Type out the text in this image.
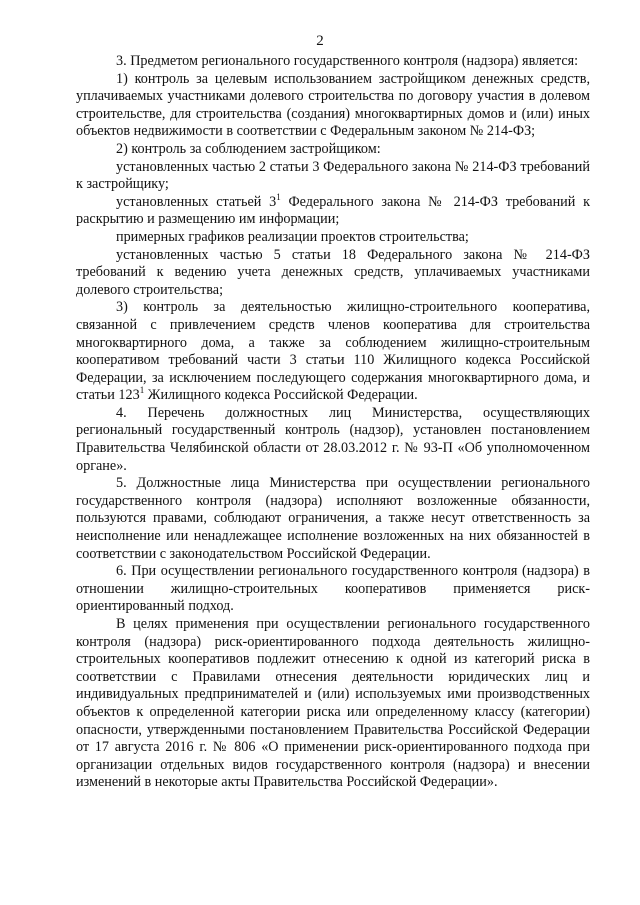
2

3. Предметом регионального государственного контроля (надзора) является:

1) контроль за целевым использованием застройщиком денежных средств, уплачиваемых участниками долевого строительства по договору участия в долевом строительстве, для строительства (создания) многоквартирных домов и (или) иных объектов недвижимости в соответствии с Федеральным законом № 214-ФЗ;

2) контроль за соблюдением застройщиком:

установленных частью 2 статьи 3 Федерального закона № 214-ФЗ требований к застройщику;

установленных статьей $3^1$ Федерального закона № 214-ФЗ требований к раскрытию и размещению им информации;

примерных графиков реализации проектов строительства;

установленных частью 5 статьи 18 Федерального закона № 214-ФЗ требований к ведению учета денежных средств, уплачиваемых участниками долевого строительства;

3) контроль за деятельностью жилищно-строительного кооператива, связанной с привлечением средств членов кооператива для строительства многоквартирного дома, а также за соблюдением жилищно-строительным кооперативом требований части 3 статьи 110 Жилищного кодекса Российской Федерации, за исключением последующего содержания многоквартирного дома, и статьи $123^1$ Жилищного кодекса Российской Федерации.

4. Перечень должностных лиц Министерства, осуществляющих региональный государственный контроль (надзор), установлен постановлением Правительства Челябинской области от 28.03.2012 г. № 93-П «Об уполномоченном органе».

5. Должностные лица Министерства при осуществлении регионального государственного контроля (надзора) исполняют возложенные обязанности, пользуются правами, соблюдают ограничения, а также несут ответственность за неисполнение или ненадлежащее исполнение возложенных на них обязанностей в соответствии с законодательством Российской Федерации.

6. При осуществлении регионального государственного контроля (надзора) в отношении жилищно-строительных кооперативов применяется риск-ориентированный подход.

В целях применения при осуществлении регионального государственного контроля (надзора) риск-ориентированного подхода деятельность жилищно-строительных кооперативов подлежит отнесению к одной из категорий риска в соответствии с Правилами отнесения деятельности юридических лиц и индивидуальных предпринимателей и (или) используемых ими производственных объектов к определенной категории риска или определенному классу (категории) опасности, утвержденными постановлением Правительства Российской Федерации от 17 августа 2016 г. № 806 «О применении риск-ориентированного подхода при организации отдельных видов государственного контроля (надзора) и внесении изменений в некоторые акты Правительства Российской Федерации».
